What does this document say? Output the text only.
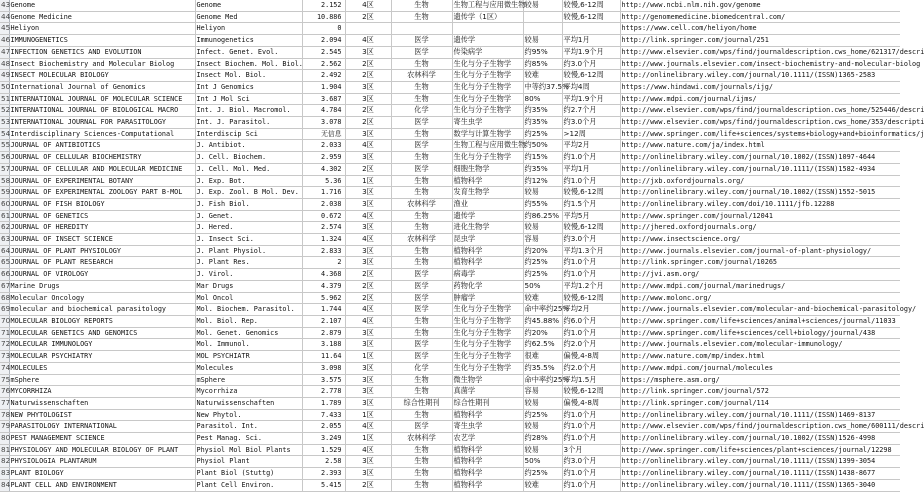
43	Genome	Genome	2.152	4区	生物	生物工程与应用微生物	较易	较慢,6-12周	http://www.ncbi.nlm.nih.gov/genome
44	Genome Medicine	Genome Med	10.886	2区	生物	遗传学（1区）		较慢,6-12周	http://genomemedicine.biomedcentral.com/
45	Heliyon	Heliyon	0						https://www.cell.com/heliyon/home
46	IMMUNOGENETICS	Immunogenetics	2.094	4区	医学	遗传学	较易	平均1月	http://link.springer.com/journal/251
47	INFECTION GENETICS AND EVOLUTION	Infect. Genet. Evol.	2.545	3区	医学	传染病学	约95%	平均1.9个月	http://www.elsevier.com/wps/find/journaldescription.cws_home/621317/descri
48	Insect Biochemistry and Molecular Biolog	Insect Biochem. Mol. Biol.	2.562	2区	生物	生化与分子生物学	约85%	约3.0个月	http://www.journals.elsevier.com/insect-biochemistry-and-molecular-biolog
49	INSECT MOLECULAR BIOLOGY	Insect Mol. Biol.	2.492	2区	农林科学	生化与分子生物学	较难	较慢,6-12周	http://onlinelibrary.wiley.com/journal/10.1111/(ISSN)1365-2583
50	International Journal of Genomics	Int J Genomics	1.904	3区	生物	生化与分子生物学	中等约37.5%	平均4周	https://www.hindawi.com/journals/ijg/
51	INTERNATIONAL JOURNAL OF MOLECULAR SCIENCE	Int J Mol Sci	3.687	3区	生物	生化与分子生物学	80%	平均1.9个月	http://www.mdpi.com/journal/ijms/
52	INTERNATIONAL JOURNAL OF BIOLOGICAL MACRO	Int. J. Biol. Macromol.	4.784	2区	化学	生化与分子生物学	约35%	约2.7个月	http://www.elsevier.com/wps/find/journaldescription.cws_home/525446/descri
53	INTERNATIONAL JOURNAL FOR PARASITOLOGY	Int. J. Parasitol.	3.078	2区	医学	寄生虫学	约35%	约3.0个月	http://www.elsevier.com/wps/find/journaldescription.cws_home/353/descripti
54	Interdisciplinary Sciences-Computational	Interdiscip Sci	无信息	3区	生物	数学与计算生物学	约25%	>12周	http://www.springer.com/life+sciences/systems+biology+and+bioinformatics/j
55	JOURNAL OF ANTIBIOTICS	J. Antibiot.	2.033	4区	医学	生物工程与应用微生物	约50%	平均2月	http://www.nature.com/ja/index.html
56	JOURNAL OF CELLULAR BIOCHEMISTRY	J. Cell. Biochem.	2.959	3区	生物	生化与分子生物学	约15%	约1.0个月	http://onlinelibrary.wiley.com/journal/10.1002/(ISSN)1097-4644
57	JOURNAL OF CELLULAR AND MOLECULAR MEDICINE	J. Cell. Mol. Med.	4.302	2区	医学	细胞生物学	约35%	平均1月	http://onlinelibrary.wiley.com/journal/10.1111/(ISSN)1582-4934
58	JOURNAL OF EXPERIMENTAL BOTANY	J. Exp. Bot.	5.36	1区	生物	植物科学	约12%	约1.0个月	http://jxb.oxfordjournals.org/
59	JOURNAL OF EXPERIMENTAL ZOOLOGY PART B-MOL	J. Exp. Zool. B Mol. Dev.	1.716	3区	生物	发育生物学	较易	较慢,6-12周	http://onlinelibrary.wiley.com/journal/10.1002/(ISSN)1552-5015
60	JOURNAL OF FISH BIOLOGY	J. Fish Biol.	2.038	3区	农林科学	渔业	约55%	约1.5个月	http://onlinelibrary.wiley.com/doi/10.1111/jfb.12288
61	JOURNAL OF GENETICS	J. Genet.	0.672	4区	生物	遗传学	约86.25%	平均5月	http://www.springer.com/journal/12041
62	JOURNAL OF HEREDITY	J. Hered.	2.574	3区	生物	进化生物学	较易	较慢,6-12周	http://jhered.oxfordjournals.org/
63	JOURNAL OF INSECT SCIENCE	J. Insect Sci.	1.324	4区	农林科学	昆虫学	容易	约3.0个月	http://www.insectscience.org/
64	JOURNAL OF PLANT PHYSIOLOGY	J. Plant Physiol.	2.833	3区	生物	植物科学	约20%	平均1.3个月	http://www.journals.elsevier.com/journal-of-plant-physiology/
65	JOURNAL OF PLANT RESEARCH	J. Plant Res.	2	3区	生物	植物科学	约25%	约1.0个月	http://link.springer.com/journal/10265
66	JOURNAL OF VIROLOGY	J. Virol.	4.368	2区	医学	病毒学	约25%	约1.0个月	http://jvi.asm.org/
67	Marine Drugs	Mar Drugs	4.379	2区	医学	药物化学	50%	平均1.2个月	http://www.mdpi.com/journal/marinedrugs/
68	Molecular Oncology	Mol Oncol	5.962	2区	医学	肿瘤学	较难	较慢,6-12周	http://www.molonc.org/
69	molecular and biochemical parasitology	Mol. Biochem. Parasitol.	1.744	4区	医学	生化与分子生物学	命中率约25%	平均2月	http://www.journals.elsevier.com/molecular-and-biochemical-parasitology/
70	MOLECULAR BIOLOGY REPORTS	Mol. Biol. Rep.	2.107	4区	生物	生化与分子生物学	约45.88%	约6.0个月	http://www.springer.com/life+sciences/animal+sciences/journal/11033
71	MOLECULAR GENETICS AND GENOMICS	Mol. Genet. Genomics	2.879	3区	生物	生化与分子生物学	约20%	约1.0个月	http://www.springer.com/life+sciences/cell+biology/journal/438
72	MOLECULAR IMMUNOLOGY	Mol. Immunol.	3.188	3区	医学	生化与分子生物学	约62.5%	约2.0个月	http://www.journals.elsevier.com/molecular-immunology/
73	MOLECULAR PSYCHIATRY	MOL PSYCHIATR	11.64	1区	医学	生化与分子生物学	很难	偏慢,4-8周	http://www.nature.com/mp/index.html
74	MOLECULES	Molecules	3.098	3区	化学	生化与分子生物学	约35.5%	约2.0个月	http://www.mdpi.com/journal/molecules
75	mSphere	mSphere	3.575	3区	生物	微生物学	命中率约25%	平均1.5月	https://msphere.asm.org/
76	MYCORRHIZA	Mycorrhiza	2.778	3区	生物	真菌学	容易	较慢,6-12周	http://link.springer.com/journal/572
77	Naturwissenschaften	Naturwissenschaften	1.789	3区	综合性期刊	综合性期刊	较易	偏慢,4-8周	http://link.springer.com/journal/114
78	NEW PHYTOLOGIST	New Phytol.	7.433	1区	生物	植物科学	约25%	约1.0个月	http://onlinelibrary.wiley.com/journal/10.1111/(ISSN)1469-8137
79	PARASITOLOGY INTERNATIONAL	Parasitol. Int.	2.055	4区	医学	寄生虫学	较易	约1.0个月	http://www.elsevier.com/wps/find/journaldescription.cws_home/600111/descri
80	PEST MANAGEMENT SCIENCE	Pest Manag. Sci.	3.249	1区	农林科学	农艺学	约28%	约1.0个月	http://onlinelibrary.wiley.com/journal/10.1002/(ISSN)1526-4998
81	PHYSIOLOGY AND MOLECULAR BIOLOGY OF PLANT	Physiol Mol Biol Plants	1.529	4区	生物	植物科学	较易	3个月	http://www.springer.com/life+sciences/plant+sciences/journal/12298
82	PHYSIOLOGIA PLANTARUM	Physiol Plant	2.58	3区	生物	植物科学	50%	约3.0个月	http://onlinelibrary.wiley.com/journal/10.1111/(ISSN)1399-3054
83	PLANT BIOLOGY	Plant Biol (Stuttg)	2.393	3区	生物	植物科学	约25%	约1.0个月	http://onlinelibrary.wiley.com/journal/10.1111/(ISSN)1438-8677
84	PLANT CELL AND ENVIRONMENT	Plant Cell Environ.	5.415	2区	生物	植物科学	较难	约1.0个月	http://onlinelibrary.wiley.com/journal/10.1111/(ISSN)1365-3040
